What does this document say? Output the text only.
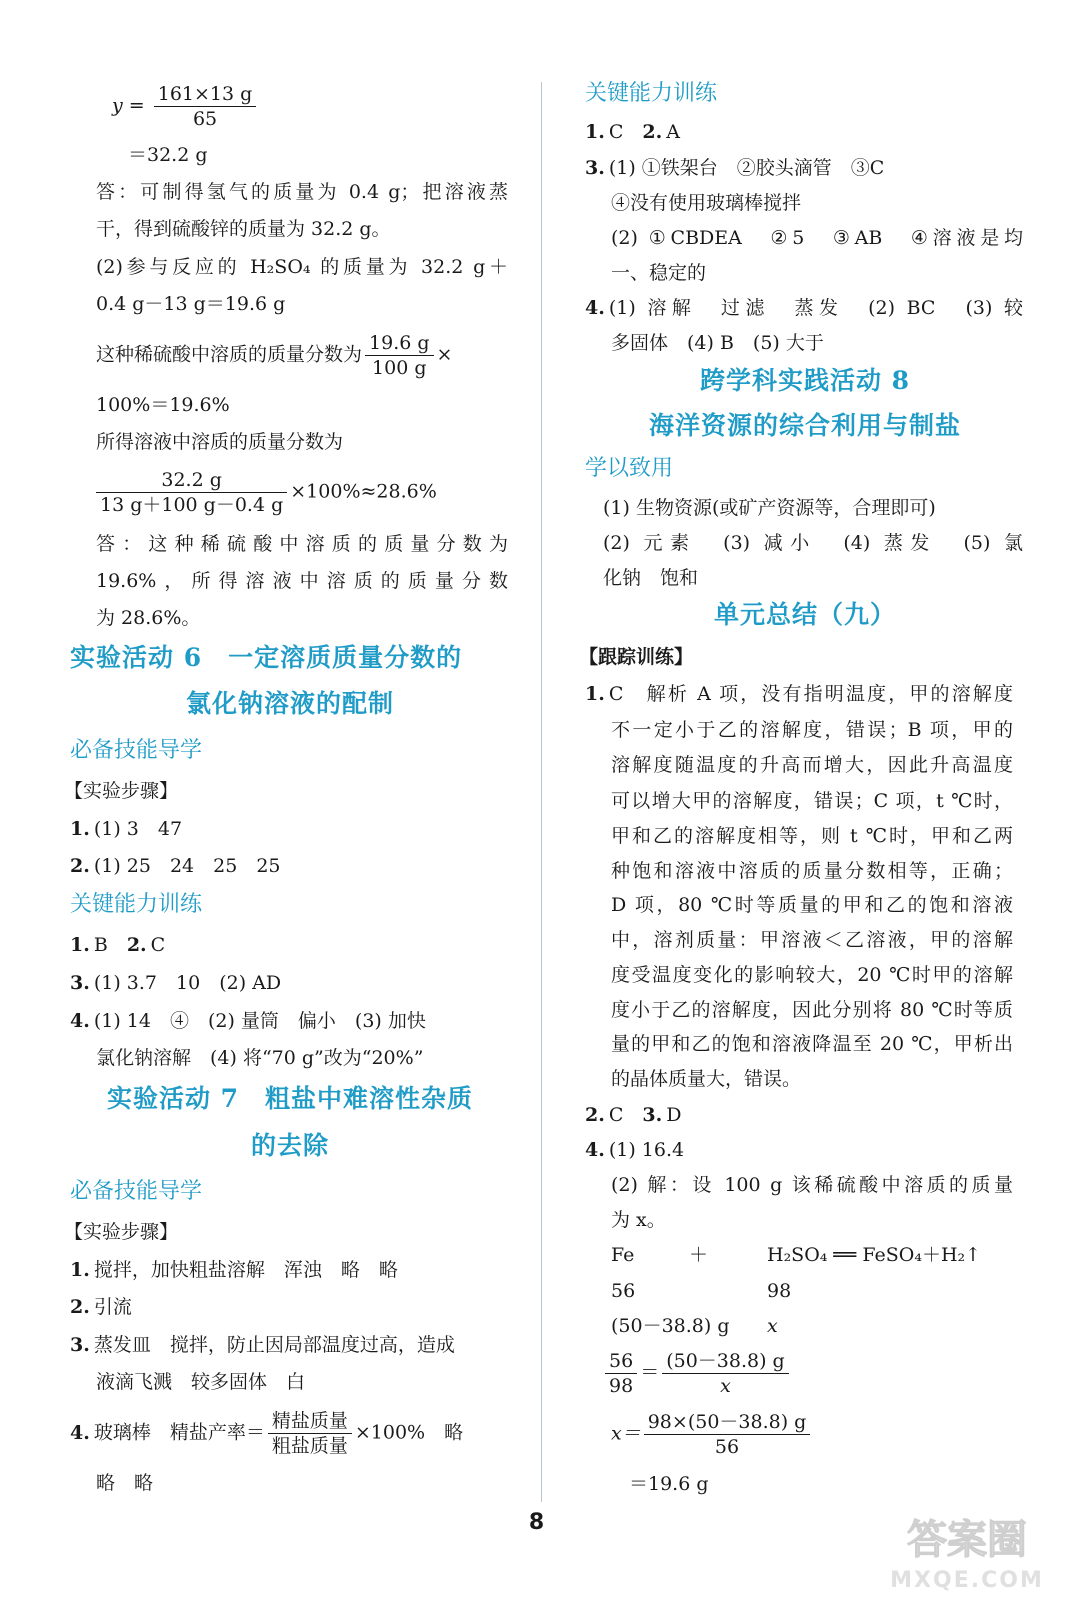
$y = \frac{161\times 13 g}{65}$
＝32.2 g
答：可制得氢气的质量为 0.4 g；把溶液蒸
干，得到硫酸锌的质量为 32.2 g。
(2)参与反应的 H₂SO₄ 的质量为 32.2 g＋
0.4 g－13 g＝19.6 g
这种稀硫酸中溶质的质量分数为 $\frac{19.6 g}{100 g}$ ×
100%＝19.6%
所得溶液中溶质的质量分数为
$\frac{32.2 g}{13 g+100 g-0.4 g} \times 100\%\approx 28.6\%$
答：这种稀硫酸中溶质的质量分数为
19.6%，所得溶液中溶质的质量分数
为 28.6%。
实验活动 6　一定溶质质量分数的
氯化钠溶液的配制
必备技能导学
【实验步骤】
1. (1) 3　47
2. (1) 25　24　25　25
关键能力训练
1. B　 2. C
3. (1) 3.7　10　(2) AD
4. (1) 14　④　(2) 量筒　偏小　(3) 加快
氯化钠溶解　(4) 将“70 g”改为“20%”
实验活动 7　粗盐中难溶性杂质
的去除
必备技能导学
【实验步骤】
1. 搅拌，加快粗盐溶解　浑浊　略　略
2. 引流
3. 蒸发皿　搅拌，防止因局部温度过高，造成
液滴飞溅　较多固体　白
4. 玻璃棒　精盐产率＝ $\frac{\text{精盐质量}}{\text{粗盐质量}} \times 100\%$　略
略　略
关键能力训练
1. C　 2. A
3. (1) ①铁架台　②胶头滴管　③C
④没有使用玻璃棒搅拌
(2) ①CBDEA　②5　③AB　④溶液是均
一、稳定的
4. (1) 溶解　过滤　蒸发　(2) BC　(3) 较
多固体　(4) B　(5) 大于
跨学科实践活动 8
海洋资源的综合利用与制盐
学以致用
(1) 生物资源(或矿产资源等，合理即可)
(2) 元素　(3) 减小　(4) 蒸发　(5) 氯
化钠　饱和
单元总结（九）
【跟踪训练】
1. C　解析 A 项，没有指明温度，甲的溶解度
不一定小于乙的溶解度，错误；B 项，甲的
溶解度随温度的升高而增大，因此升高温度
可以增大甲的溶解度，错误；C 项，t ℃时，
甲和乙的溶解度相等，则 t ℃时，甲和乙两
种饱和溶液中溶质的质量分数相等，正确；
D 项，80 ℃时等质量的甲和乙的饱和溶液
中，溶剂质量：甲溶液＜乙溶液，甲的溶解
度受温度变化的影响较大，20 ℃时甲的溶解
度小于乙的溶解度，因此分别将 80 ℃时等质
量的甲和乙的饱和溶液降温至 20 ℃，甲析出
的晶体质量大，错误。
2. C　 3. D
4. (1) 16.4
(2) 解：设 100 g 该稀硫酸中溶质的质量
为 x。
Fe	＋	H₂SO₄ ══ FeSO₄＋H₂↑
56	98
(50－38.8) g x
$\frac{56}{98} = \frac{(50-38.8) g}{x}$
$x= \frac{98\times(50-38.8) g}{56}$
＝19.6 g
8	答案圈
MXQE.COM
